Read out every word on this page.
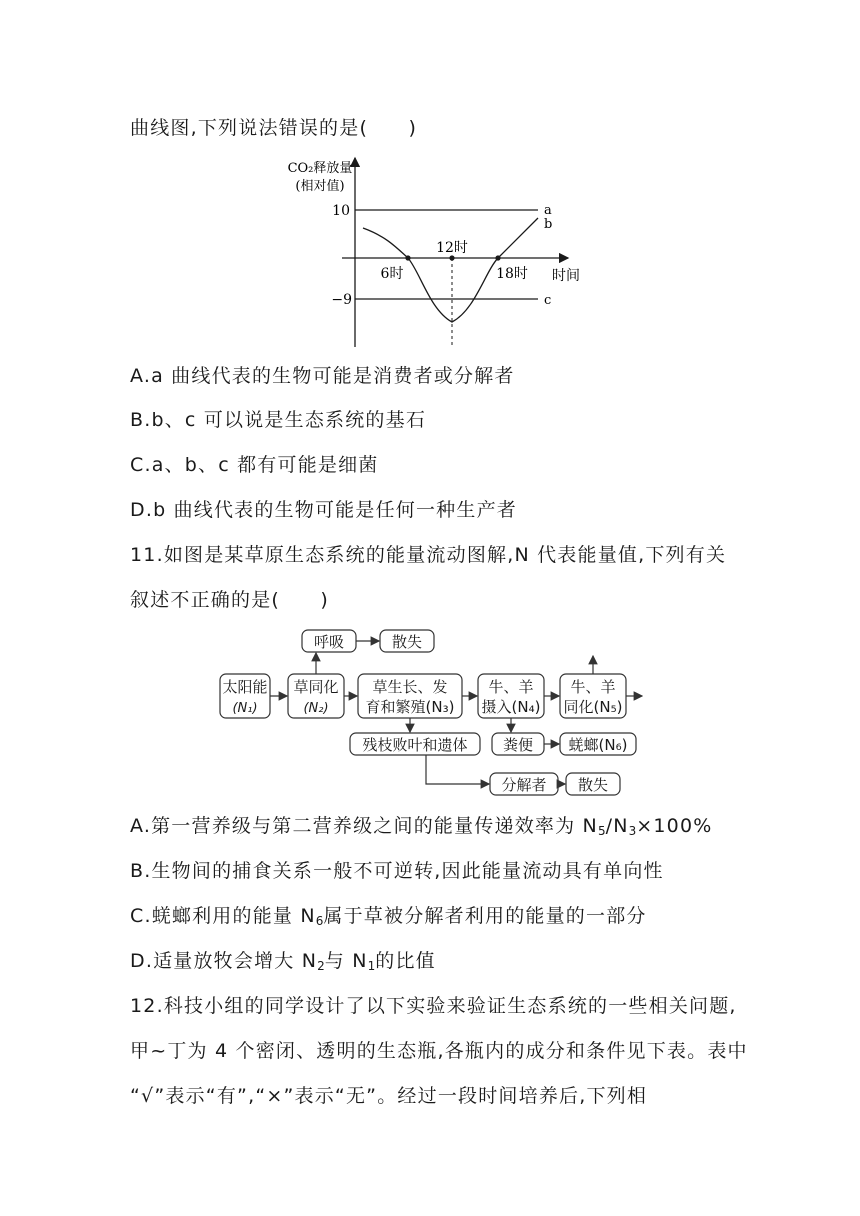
曲线图,下列说法错误的是(　　)
CO₂释放量
(相对值)
10
−9
12时
6时	18时 时间
a
b
c
A.a 曲线代表的生物可能是消费者或分解者
B.b、c 可以说是生态系统的基石
C.a、b、c 都有可能是细菌
D.b 曲线代表的生物可能是任何一种生产者
11.如图是某草原生态系统的能量流动图解,N 代表能量值,下列有关
叙述不正确的是(　　)
太阳能
(N₁)
草同化
(N₂)
草生长、发
育和繁殖(N₃)
牛、羊
摄入(N₄)
牛、羊
同化(N₅)
呼吸	散失
残枝败叶和遗体 粪便 蜣螂(N₆)
分解者 散失
A.第一营养级与第二营养级之间的能量传递效率为 $N_5/N_3\times 100\%$
B.生物间的捕食关系一般不可逆转,因此能量流动具有单向性
C.蜣螂利用的能量 $N_6$属于草被分解者利用的能量的一部分
D.适量放牧会增大 $N_2$与 $N_1$的比值
12.科技小组的同学设计了以下实验来验证生态系统的一些相关问题,
甲~丁为 4 个密闭、透明的生态瓶,各瓶内的成分和条件见下表。表中
“√”表示“有”,“×”表示“无”。经过一段时间培养后,下列相
